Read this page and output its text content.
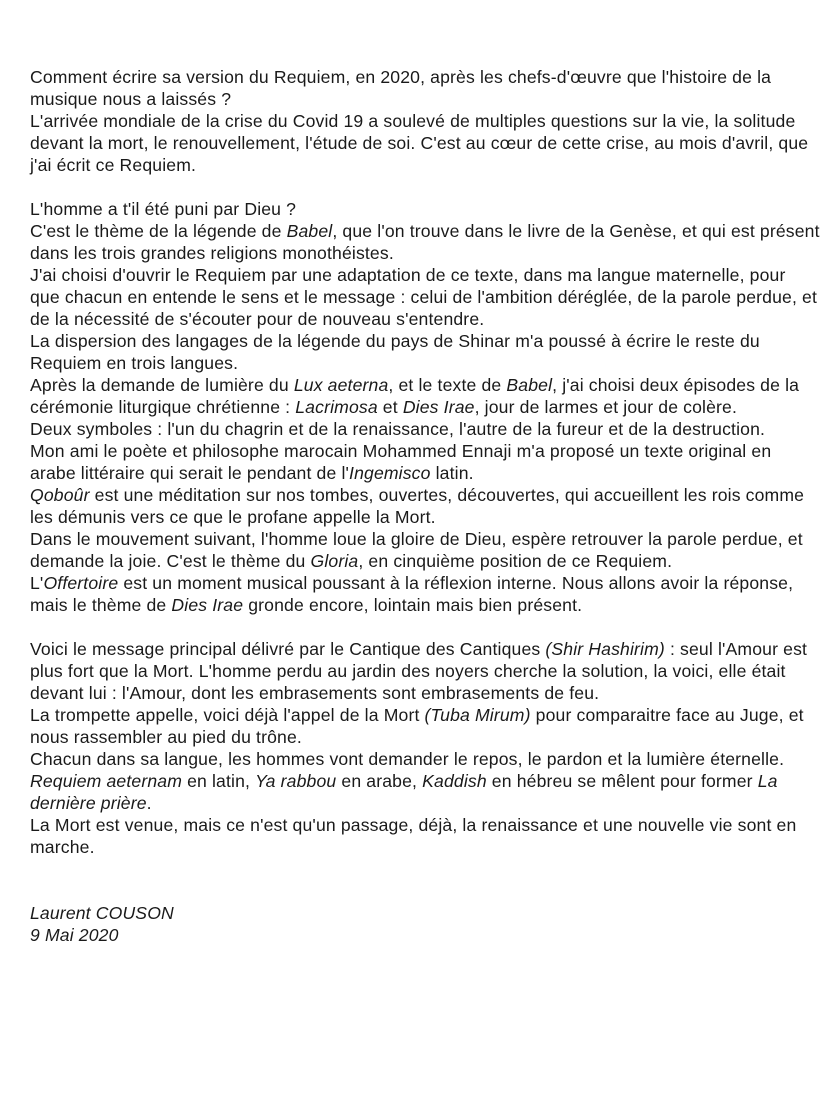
Comment écrire sa version du Requiem, en 2020, après les chefs-d'œuvre que l'histoire de la musique nous a laissés ?

L'arrivée mondiale de la crise du Covid 19 a soulevé de multiples questions sur la vie, la solitude devant la mort, le renouvellement, l'étude de soi. C'est au cœur de cette crise, au mois d'avril, que j'ai écrit ce Requiem.

L'homme a t'il été puni par Dieu ?

C'est le thème de la légende de Babel, que l'on trouve dans le livre de la Genèse, et qui est présent dans les trois grandes religions monothéistes.

J'ai choisi d'ouvrir le Requiem par une adaptation de ce texte, dans ma langue maternelle, pour que chacun en entende le sens et le message : celui de l'ambition déréglée, de la parole perdue, et de la nécessité de s'écouter pour de nouveau s'entendre.

La dispersion des langages de la légende du pays de Shinar m'a poussé à écrire le reste du Requiem en trois langues.

Après la demande de lumière du Lux aeterna, et le texte de Babel, j'ai choisi deux épisodes de la cérémonie liturgique chrétienne : Lacrimosa et Dies Irae, jour de larmes et jour de colère.

Deux symboles : l'un du chagrin et de la renaissance, l'autre de la fureur et de la destruction.

Mon ami le poète et philosophe marocain Mohammed Ennaji m'a proposé un texte original en arabe littéraire qui serait le pendant de l'Ingemisco latin.

Qoboûr est une méditation sur nos tombes, ouvertes, découvertes, qui accueillent les rois comme les démunis vers ce que le profane appelle la Mort.

Dans le mouvement suivant, l'homme loue la gloire de Dieu, espère retrouver la parole perdue, et demande la joie. C'est le thème du Gloria, en cinquième position de ce Requiem.

L'Offertoire est un moment musical poussant à la réflexion interne. Nous allons avoir la réponse, mais le thème de Dies Irae gronde encore, lointain mais bien présent.

Voici le message principal délivré par le Cantique des Cantiques (Shir Hashirim) : seul l'Amour est plus fort que la Mort. L'homme perdu au jardin des noyers cherche la solution, la voici, elle était devant lui : l'Amour, dont les embrasements sont embrasements de feu.

La trompette appelle, voici déjà l'appel de la Mort (Tuba Mirum) pour comparaitre face au Juge, et nous rassembler au pied du trône.

Chacun dans sa langue, les hommes vont demander le repos, le pardon et la lumière éternelle.

Requiem aeternam en latin, Ya rabbou en arabe, Kaddish en hébreu se mêlent pour former La dernière prière.

La Mort est venue, mais ce n'est qu'un passage, déjà, la renaissance et une nouvelle vie sont en marche.

Laurent COUSON

9 Mai 2020
